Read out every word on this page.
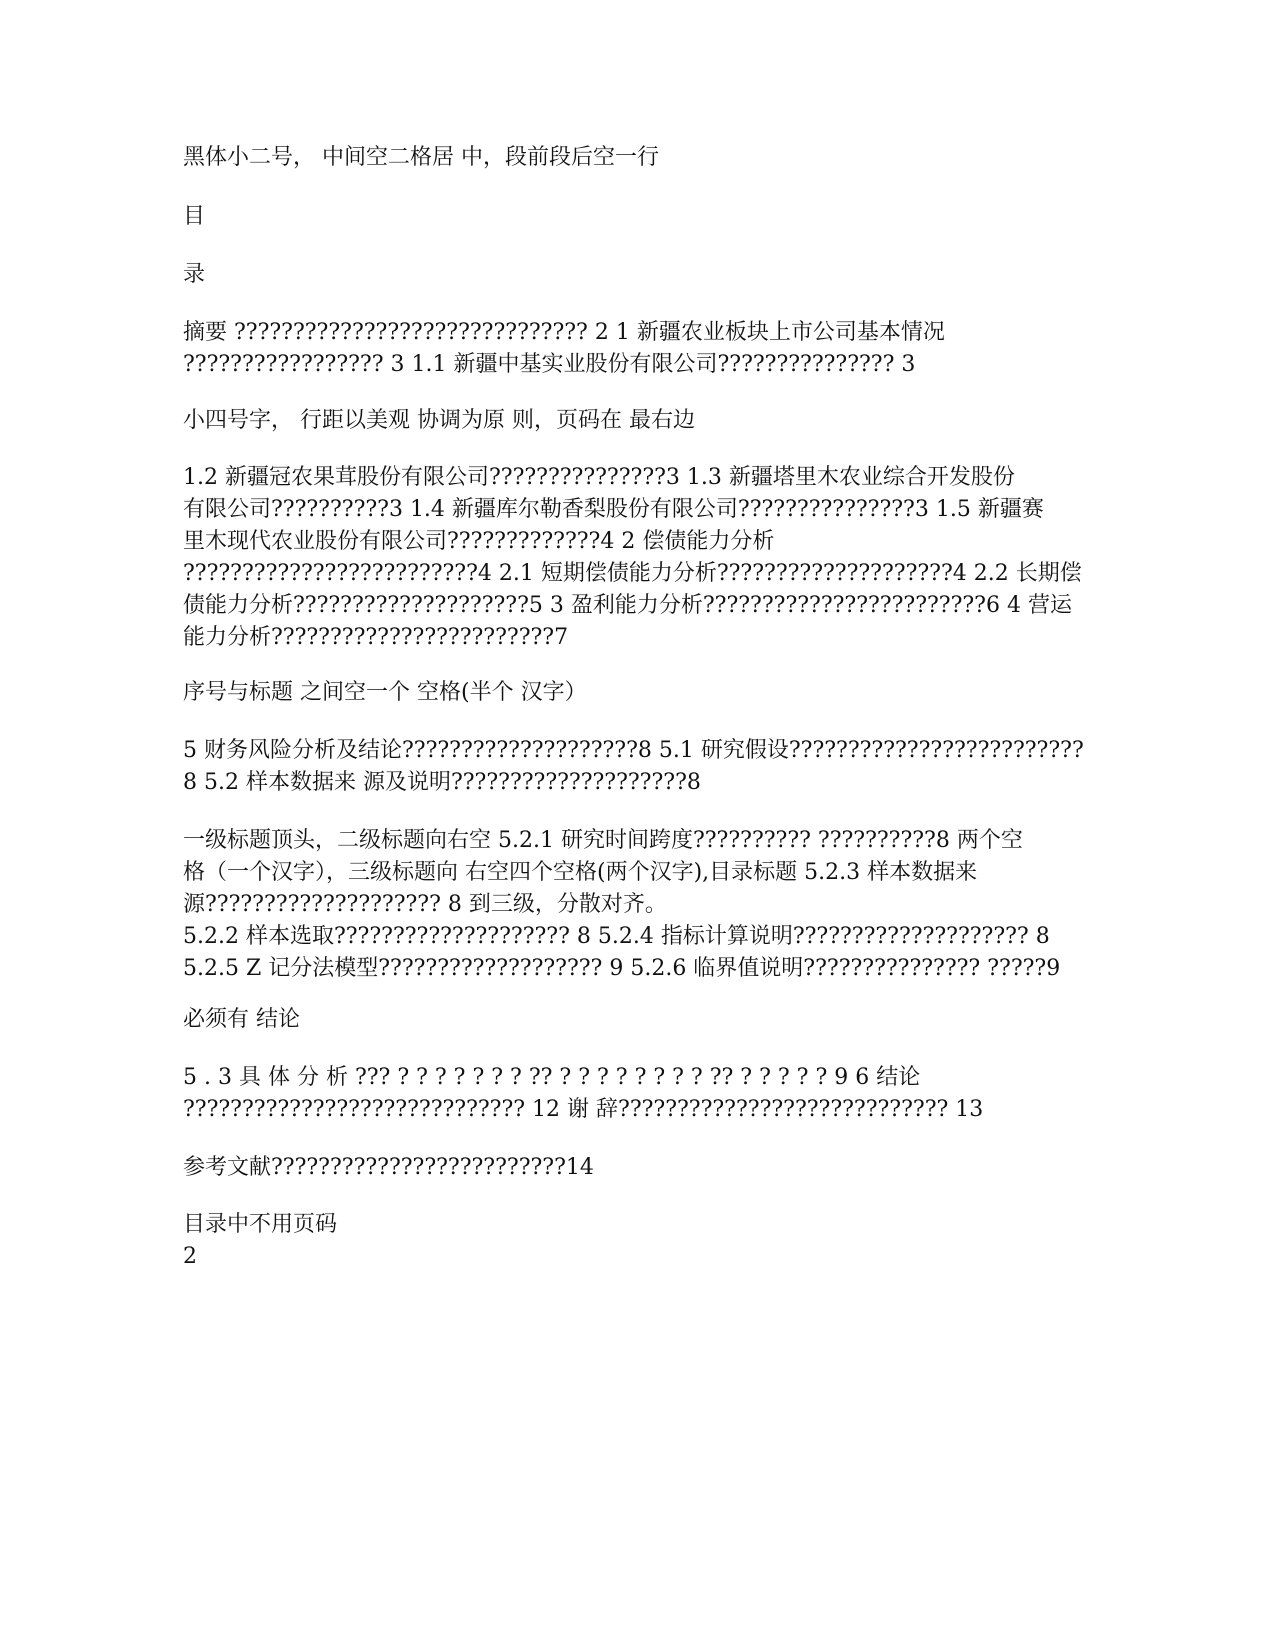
黑体小二号， 中间空二格居 中，段前段后空一行

目

录

摘要 ?????????????????????????????? 2 1 新疆农业板块上市公司基本情况
????????????????? 3 1.1 新疆中基实业股份有限公司??????????????? 3

小四号字， 行距以美观 协调为原 则，页码在 最右边

1.2 新疆冠农果茸股份有限公司???????????????3 1.3 新疆塔里木农业综合开发股份
有限公司??????????3 1.4 新疆库尔勒香梨股份有限公司???????????????3 1.5 新疆赛
里木现代农业股份有限公司?????????????4 2 偿债能力分析
?????????????????????????4 2.1 短期偿债能力分析????????????????????4 2.2 长期偿
债能力分析????????????????????5 3 盈利能力分析????????????????????????6 4 营运
能力分析????????????????????????7

序号与标题 之间空一个 空格(半个 汉字）

5 财务风险分析及结论????????????????????8 5.1 研究假设?????????????????????????
8 5.2 样本数据来 源及说明????????????????????8

一级标题顶头，二级标题向右空 5.2.1 研究时间跨度?????????? ??????????8 两个空
格（一个汉字），三级标题向 右空四个空格(两个汉字),目录标题 5.2.3 样本数据来
源???????????????????? 8 到三级，分散对齐。
5.2.2 样本选取???????????????????? 8 5.2.4 指标计算说明???????????????????? 8
5.2.5 Z 记分法模型??????????????????? 9 5.2.6 临界值说明??????????????? ?????9

必须有 结论

5 . 3 具 体 分 析 ??? ? ? ? ? ? ? ? ?? ? ? ? ? ? ? ? ? ?? ? ? ? ? ? 9 6 结论
????????????????????????????? 12 谢 辞???????????????????????????? 13

参考文献?????????????????????????14

目录中不用页码
2
